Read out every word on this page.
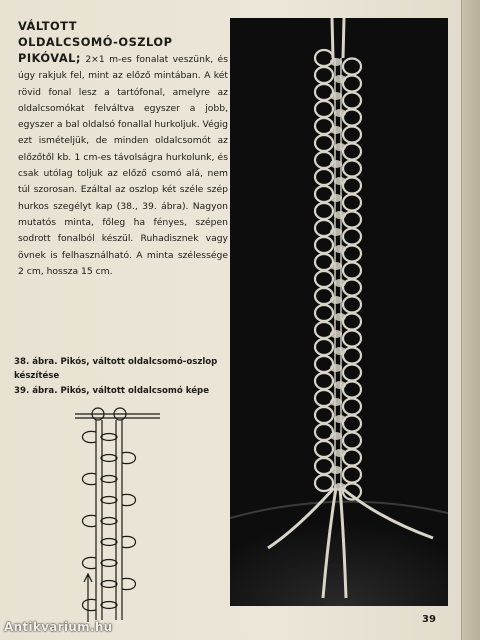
VÁLTOTT
OLDALCSOMÓ-OSZLOP

PIKÓVAL; 2×1 m-es fonalat veszünk, és úgy rakjuk fel, mint az előző mintában. A két rövid fonal lesz a tartófonal, amelyre az oldalcsomókat felváltva egyszer a jobb, egyszer a bal oldalsó fonallal hurkoljuk. Végig ezt ismételjük, de minden oldalcsomót az előzőtől kb. 1 cm-es távolságra hurkolunk, és csak utólag toljuk az előző csomó alá, nem túl szorosan. Ezáltal az oszlop két széle szép hurkos szegélyt kap (38., 39. ábra). Nagyon mutatós minta, főleg ha fényes, szépen sodrott fonalból készül. Ruhadisznek vagy övnek is felhasználható. A minta szélessége 2 cm, hossza 15 cm.

38. ábra. Pikós, váltott oldalcsomó-oszlop készítése
39. ábra. Pikós, váltott oldalcsomó képe
39
Antikvarium.hu
